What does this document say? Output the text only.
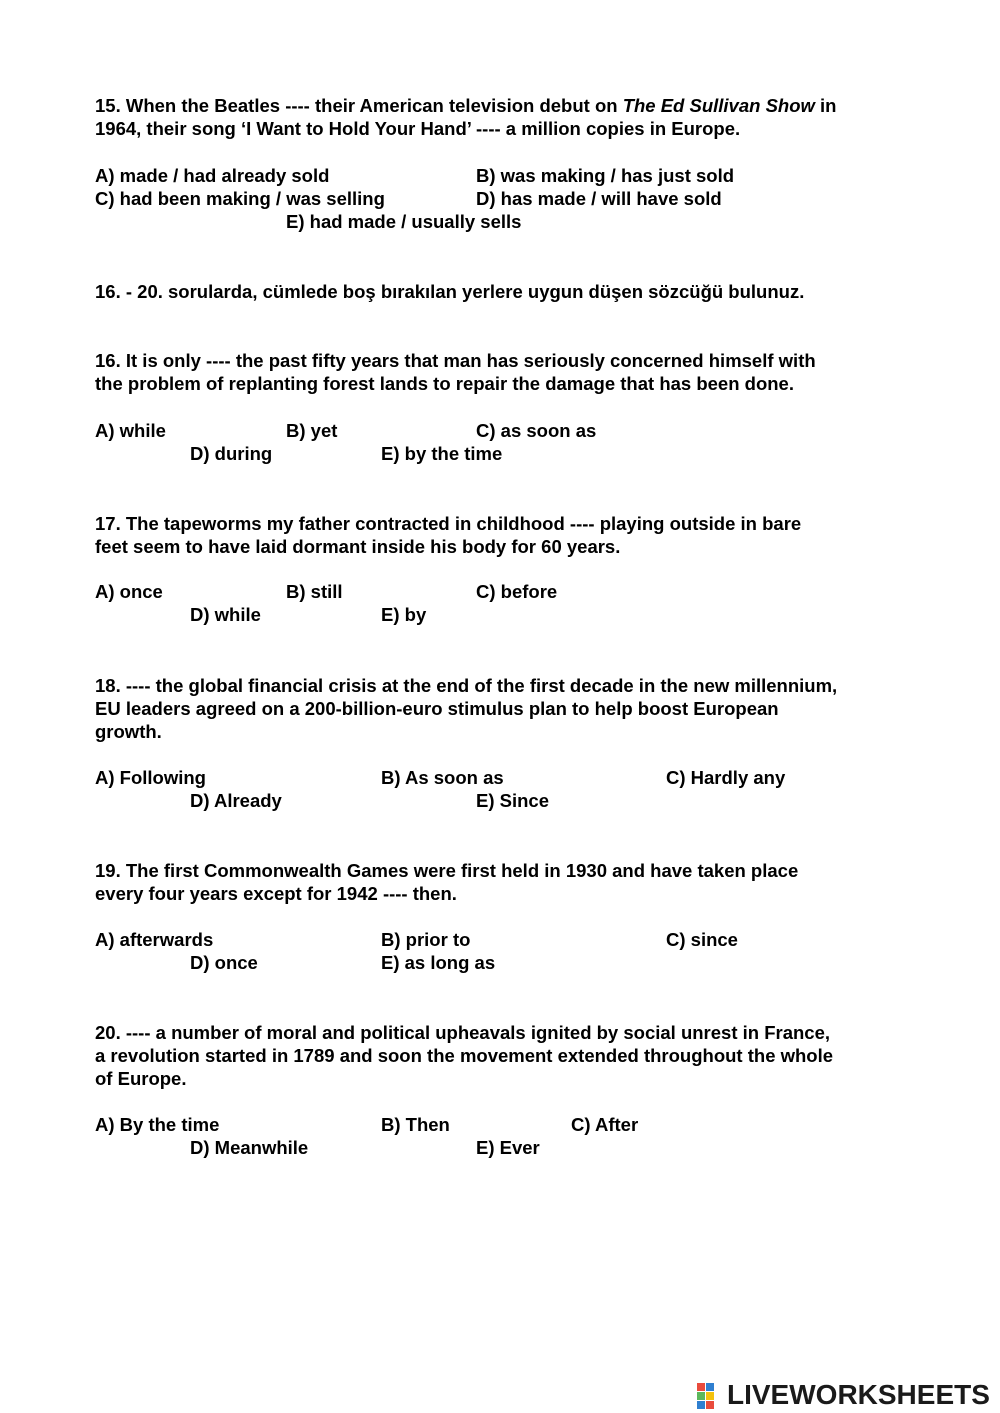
15. When the Beatles ---- their American television debut on The Ed Sullivan Show in
1964, their song ‘I Want to Hold Your Hand’ ---- a million copies in Europe.
A) made / had already sold	B) was making / has just sold
C) had been making / was selling	D) has made / will have sold
E) had made / usually sells
16. - 20. sorularda, cümlede boş bırakılan yerlere uygun düşen sözcüğü bulunuz.
16. It is only ---- the past fifty years that man has seriously concerned himself with
the problem of replanting forest lands to repair the damage that has been done.
A) while	B) yet	C) as soon as
D) during	E) by the time
17. The tapeworms my father contracted in childhood ---- playing outside in bare
feet seem to have laid dormant inside his body for 60 years.
A) once	B) still	C) before
D) while	E) by
18. ---- the global financial crisis at the end of the first decade in the new millennium,
EU leaders agreed on a 200-billion-euro stimulus plan to help boost European
growth.
A) Following	B) As soon as	C) Hardly any
D) Already	E) Since
19. The first Commonwealth Games were first held in 1930 and have taken place
every four years except for 1942 ---- then.
A) afterwards	B) prior to	C) since
D) once	E) as long as
20. ---- a number of moral and political upheavals ignited by social unrest in France,
a revolution started in 1789 and soon the movement extended throughout the whole
of Europe.
A) By the time	B) Then	C) After
D) Meanwhile	E) Ever
LIVEWORKSHEETS
